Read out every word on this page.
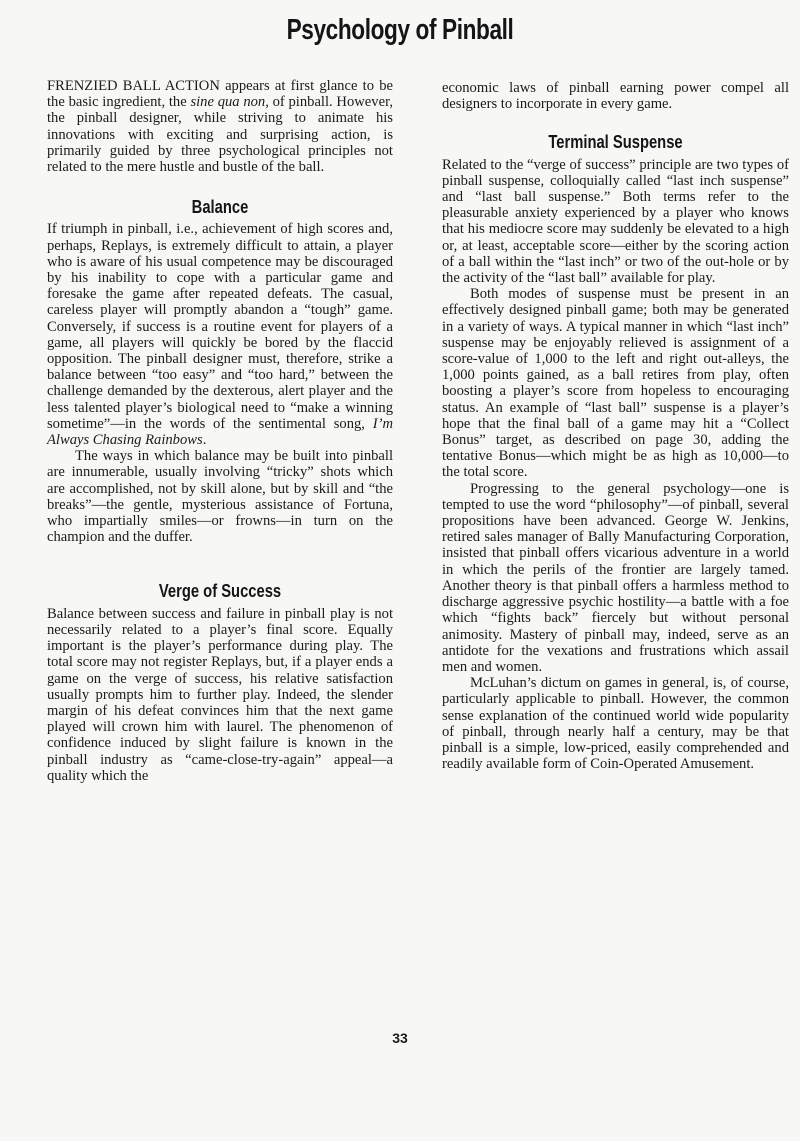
Psychology of Pinball

FRENZIED BALL ACTION appears at first glance to be the basic ingredient, the sine qua non, of pinball. However, the pinball designer, while striving to animate his innovations with exciting and surprising action, is primarily guided by three psychological principles not related to the mere hustle and bustle of the ball.

Balance

If triumph in pinball, i.e., achievement of high scores and, perhaps, Replays, is extremely difficult to attain, a player who is aware of his usual competence may be discouraged by his inability to cope with a particular game and foresake the game after repeated defeats. The casual, careless player will promptly abandon a “tough” game. Conversely, if success is a routine event for players of a game, all players will quickly be bored by the flaccid opposition. The pinball designer must, therefore, strike a balance between “too easy” and “too hard,” between the challenge demanded by the dexterous, alert player and the less talented player’s biological need to “make a winning sometime”—in the words of the sentimental song, I’m Always Chasing Rainbows.

The ways in which balance may be built into pinball are innumerable, usually involving “tricky” shots which are accomplished, not by skill alone, but by skill and “the breaks”—the gentle, mysterious assistance of Fortuna, who impartially smiles—or frowns—in turn on the champion and the duffer.

Verge of Success

Balance between success and failure in pinball play is not necessarily related to a player’s final score. Equally important is the player’s performance during play. The total score may not register Replays, but, if a player ends a game on the verge of success, his relative satisfaction usually prompts him to further play. Indeed, the slender margin of his defeat convinces him that the next game played will crown him with laurel. The phenomenon of confidence induced by slight failure is known in the pinball industry as “came-close-try-again” appeal—a quality which the

economic laws of pinball earning power compel all designers to incorporate in every game.

Terminal Suspense

Related to the “verge of success” principle are two types of pinball suspense, colloquially called “last inch suspense” and “last ball suspense.” Both terms refer to the pleasurable anxiety experienced by a player who knows that his mediocre score may suddenly be elevated to a high or, at least, acceptable score—either by the scoring action of a ball within the “last inch” or two of the out-hole or by the activity of the “last ball” available for play.

Both modes of suspense must be present in an effectively designed pinball game; both may be generated in a variety of ways. A typical manner in which “last inch” suspense may be enjoyably relieved is assignment of a score-value of 1,000 to the left and right out-alleys, the 1,000 points gained, as a ball retires from play, often boosting a player’s score from hopeless to encouraging status. An example of “last ball” suspense is a player’s hope that the final ball of a game may hit a “Collect Bonus” target, as described on page 30, adding the tentative Bonus—which might be as high as 10,000—to the total score.

Progressing to the general psychology—one is tempted to use the word “philosophy”—of pinball, several propositions have been advanced. George W. Jenkins, retired sales manager of Bally Manufacturing Corporation, insisted that pinball offers vicarious adventure in a world in which the perils of the frontier are largely tamed. Another theory is that pinball offers a harmless method to discharge aggressive psychic hostility—a battle with a foe which “fights back” fiercely but without personal animosity. Mastery of pinball may, indeed, serve as an antidote for the vexations and frustrations which assail men and women.

McLuhan’s dictum on games in general, is, of course, particularly applicable to pinball. However, the common sense explanation of the continued world wide popularity of pinball, through nearly half a century, may be that pinball is a simple, low-priced, easily comprehended and readily available form of Coin-Operated Amusement.

33
